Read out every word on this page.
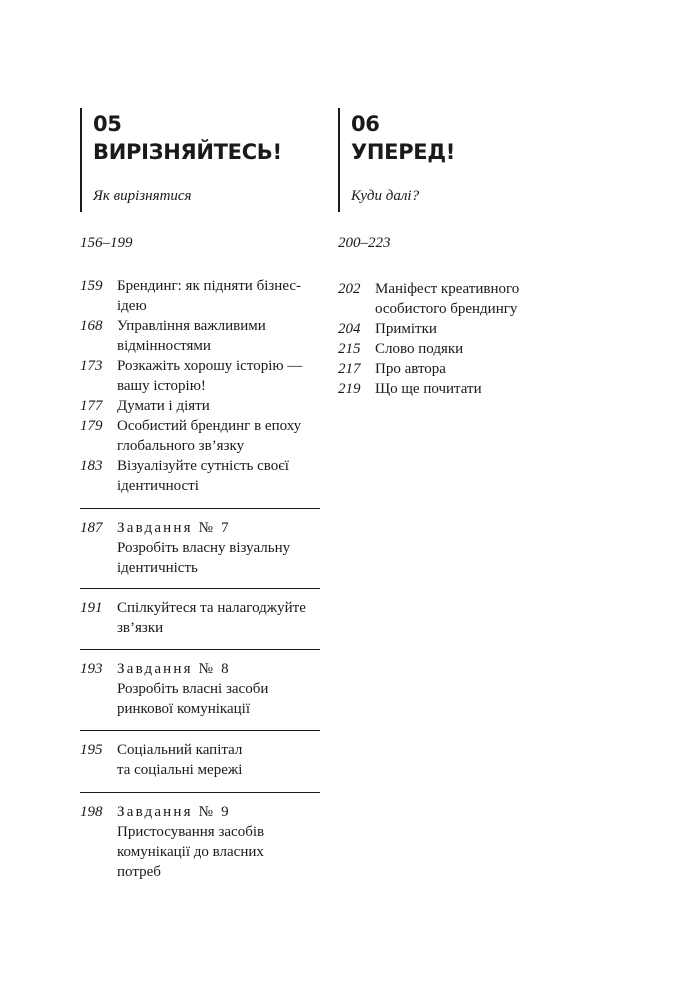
05
ВИРІЗНЯЙТЕСЬ!
Як вирізнятися
156–199
159 Брендинг: як підняти бізнес-
ідею
168 Управління важливими
відмінностями
173 Розкажіть хорошу історію —
вашу історію!
177 Думати і діяти
179 Особистий брендинг в епоху
глобального зв’язку
183 Візуалізуйте сутність своєї
ідентичності
187 Завдання № 7
Розробіть власну візуальну
ідентичність
191 Спілкуйтеся та налагоджуйте
зв’язки
193 Завдання № 8
Розробіть власні засоби
ринкової комунікації
195 Соціальний капітал
та соціальні мережі
198 Завдання № 9
Пристосування засобів
комунікації до власних
потреб
06
УПЕРЕД!
Куди далі?
200–223
202 Маніфест креативного
особистого брендингу
204 Примітки
215 Слово подяки
217 Про автора
219 Що ще почитати
